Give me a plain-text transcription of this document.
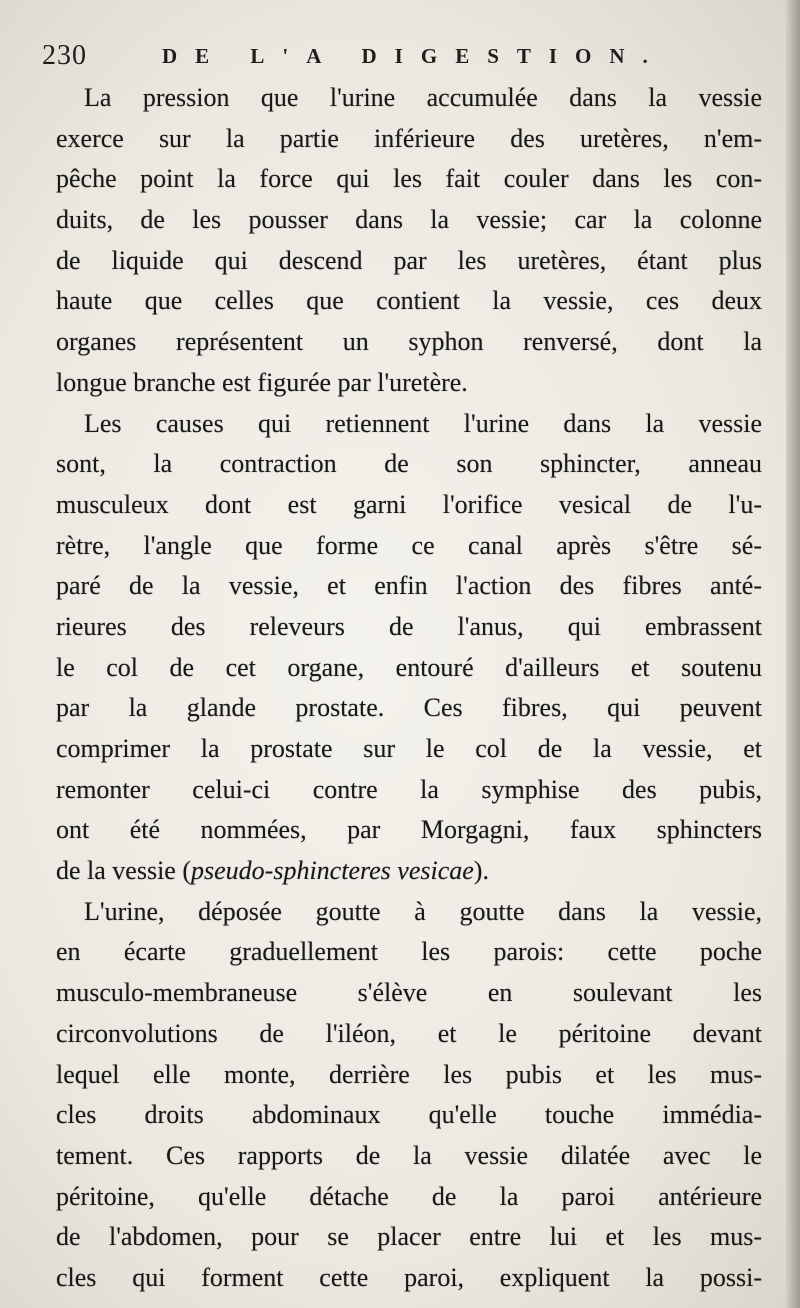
230	DE L'A DIGESTION.
La pression que l'urine accumulée dans la vessie
exerce sur la partie inférieure des uretères, n'em-
pêche point la force qui les fait couler dans les con-
duits, de les pousser dans la vessie; car la colonne
de liquide qui descend par les uretères, étant plus
haute que celles que contient la vessie, ces deux
organes représentent un syphon renversé, dont la
longue branche est figurée par l'uretère.
Les causes qui retiennent l'urine dans la vessie
sont, la contraction de son sphincter, anneau
musculeux dont est garni l'orifice vesical de l'u-
rètre, l'angle que forme ce canal après s'être sé-
paré de la vessie, et enfin l'action des fibres anté-
rieures des releveurs de l'anus, qui embrassent
le col de cet organe, entouré d'ailleurs et soutenu
par la glande prostate. Ces fibres, qui peuvent
comprimer la prostate sur le col de la vessie, et
remonter celui-ci contre la symphise des pubis,
ont été nommées, par Morgagni, faux sphincters
de la vessie (pseudo-sphincteres vesicae).
L'urine, déposée goutte à goutte dans la vessie,
en écarte graduellement les parois: cette poche
musculo-membraneuse s'élève en soulevant les
circonvolutions de l'iléon, et le péritoine devant
lequel elle monte, derrière les pubis et les mus-
cles droits abdominaux qu'elle touche immédia-
tement. Ces rapports de la vessie dilatée avec le
péritoine, qu'elle détache de la paroi antérieure
de l'abdomen, pour se placer entre lui et les mus-
cles qui forment cette paroi, expliquent la possi-
